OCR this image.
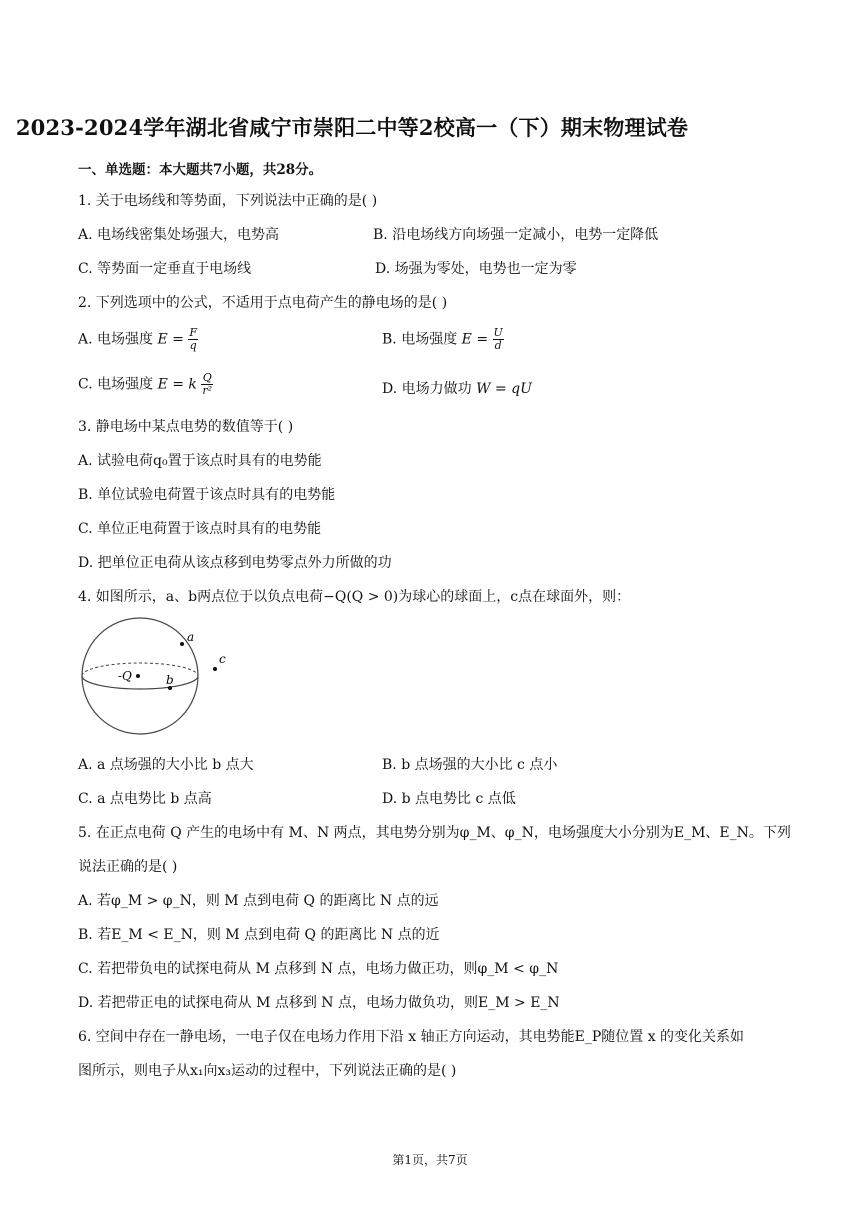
2023-2024学年湖北省咸宁市崇阳二中等2校高一（下）期末物理试卷
一、单选题：本大题共7小题，共28分。
1. 关于电场线和等势面，下列说法中正确的是( )
A. 电场线密集处场强大，电势高	B. 沿电场线方向场强一定减小，电势一定降低
C. 等势面一定垂直于电场线	D. 场强为零处，电势也一定为零
2. 下列选项中的公式，不适用于点电荷产生的静电场的是( )
A. 电场强度 $E = \frac{F}{q}$	B. 电场强度 $E = \frac{U}{d}$
C. 电场强度 E = k $\frac{Q}{\text{r²}}$	D. 电场力做功 W = qU
3. 静电场中某点电势的数值等于( )
A. 试验电荷q₀置于该点时具有的电势能
B. 单位试验电荷置于该点时具有的电势能
C. 单位正电荷置于该点时具有的电势能
D. 把单位正电荷从该点移到电势零点外力所做的功
4. 如图所示，a、b两点位于以负点电荷−Q(Q > 0)为球心的球面上，c点在球面外，则：
-Q
a
b
c
A. a 点场强的大小比 b 点大	B. b 点场强的大小比 c 点小
C. a 点电势比 b 点高	D. b 点电势比 c 点低
5. 在正点电荷 Q 产生的电场中有 M、N 两点，其电势分别为φ_M、φ_N，电场强度大小分别为E_M、E_N。下列
说法正确的是( )
A. 若φ_M > φ_N，则 M 点到电荷 Q 的距离比 N 点的远
B. 若E_M < E_N，则 M 点到电荷 Q 的距离比 N 点的近
C. 若把带负电的试探电荷从 M 点移到 N 点，电场力做正功，则φ_M < φ_N
D. 若把带正电的试探电荷从 M 点移到 N 点，电场力做负功，则E_M > E_N
6. 空间中存在一静电场，一电子仅在电场力作用下沿 x 轴正方向运动，其电势能E_P随位置 x 的变化关系如
图所示，则电子从x₁向x₃运动的过程中，下列说法正确的是( )
第1页，共7页
